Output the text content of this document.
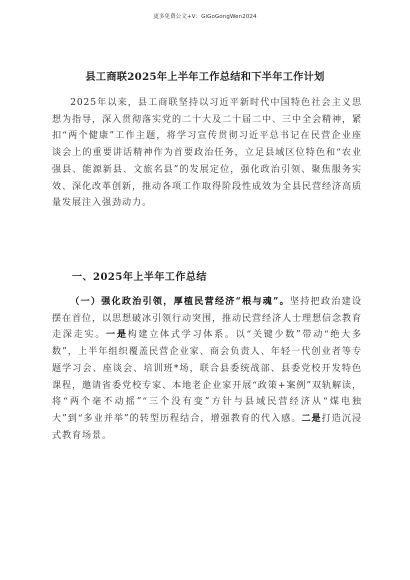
更多免费公文+V：GiGoGongWen2024
县工商联2025年上半年工作总结和下半年工作计划
2025年以来，县工商联坚持以习近平新时代中国特色社会主义思想为指导，深入贯彻落实党的二十大及二十届二中、三中全会精神，紧扣“两个健康”工作主题，将学习宣传贯彻习近平总书记在民营企业座谈会上的重要讲话精神作为首要政治任务，立足县域区位特色和“农业强县、能源新县、文旅名县”的发展定位，强化政治引领、聚焦服务实效、深化改革创新，推动各项工作取得阶段性成效为全县民营经济高质量发展注入强劲动力。
一、2025年上半年工作总结
（一）强化政治引领，厚植民营经济“根与魂”。坚持把政治建设摆在首位，以思想破冰引领行动突围，推动民营经济人士理想信念教育走深走实。一是构建立体式学习体系。以“关键少数”带动“绝大多数”，上半年组织覆盖民营企业家、商会负责人、年轻一代创业者等专题学习会、座谈会、培训班*场，联合县委统战部、县委党校开发特色课程，邀请省委党校专家、本地老企业家开展“政策+案例”双轨解读，将“两个毫不动摇”“三个没有变”方针与县域民营经济从“煤电独大”到“多业并举”的转型历程结合，增强教育的代入感。二是打造沉浸式教育场景。
